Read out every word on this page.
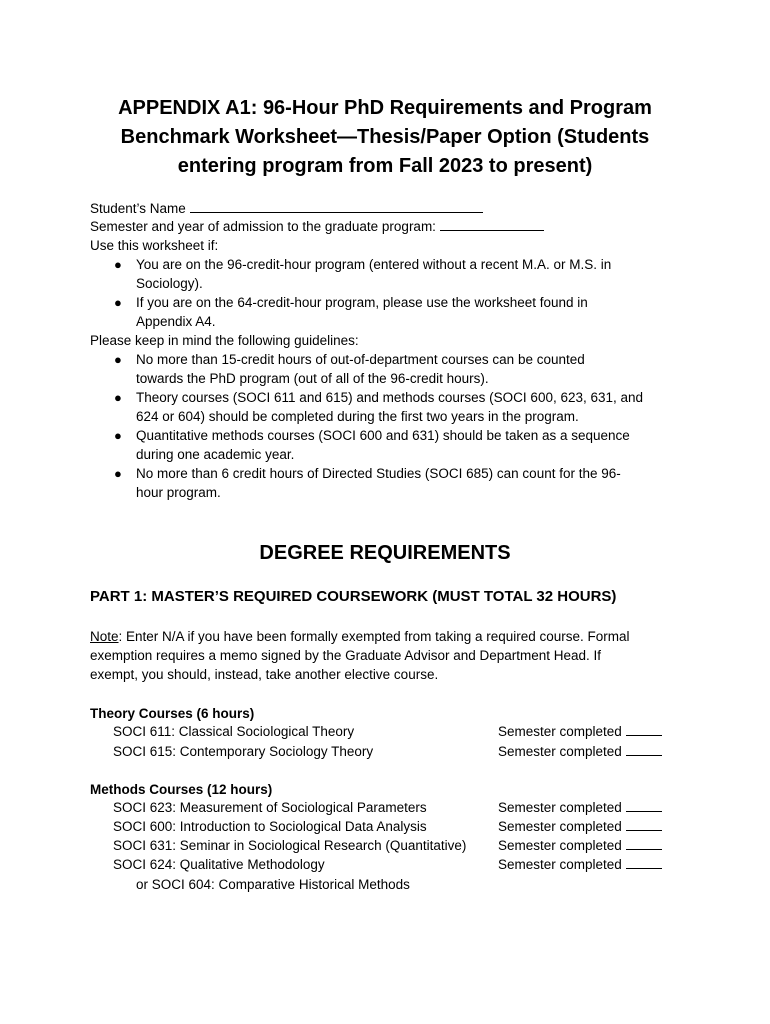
APPENDIX A1: 96-Hour PhD Requirements and Program Benchmark Worksheet—Thesis/Paper Option (Students entering program from Fall 2023 to present)
Student’s Name
Semester and year of admission to the graduate program:
Use this worksheet if:
● You are on the 96-credit-hour program (entered without a recent M.A. or M.S. in
Sociology).
● If you are on the 64-credit-hour program, please use the worksheet found in
Appendix A4.
Please keep in mind the following guidelines:
● No more than 15-credit hours of out-of-department courses can be counted
towards the PhD program (out of all of the 96-credit hours).
● Theory courses (SOCI 611 and 615) and methods courses (SOCI 600, 623, 631, and
624 or 604) should be completed during the first two years in the program.
● Quantitative methods courses (SOCI 600 and 631) should be taken as a sequence
during one academic year.
● No more than 6 credit hours of Directed Studies (SOCI 685) can count for the 96-
hour program.
DEGREE REQUIREMENTS
PART 1: MASTER’S REQUIRED COURSEWORK (MUST TOTAL 32 HOURS)
Note: Enter N/A if you have been formally exempted from taking a required course. Formal
exemption requires a memo signed by the Graduate Advisor and Department Head. If
exempt, you should, instead, take another elective course.
Theory Courses (6 hours)
SOCI 611: Classical Sociological Theory	Semester completed
SOCI 615: Contemporary Sociology Theory	Semester completed
Methods Courses (12 hours)
SOCI 623: Measurement of Sociological Parameters	Semester completed
SOCI 600: Introduction to Sociological Data Analysis	Semester completed
SOCI 631: Seminar in Sociological Research (Quantitative) Semester completed
SOCI 624: Qualitative Methodology	Semester completed
or SOCI 604: Comparative Historical Methods
